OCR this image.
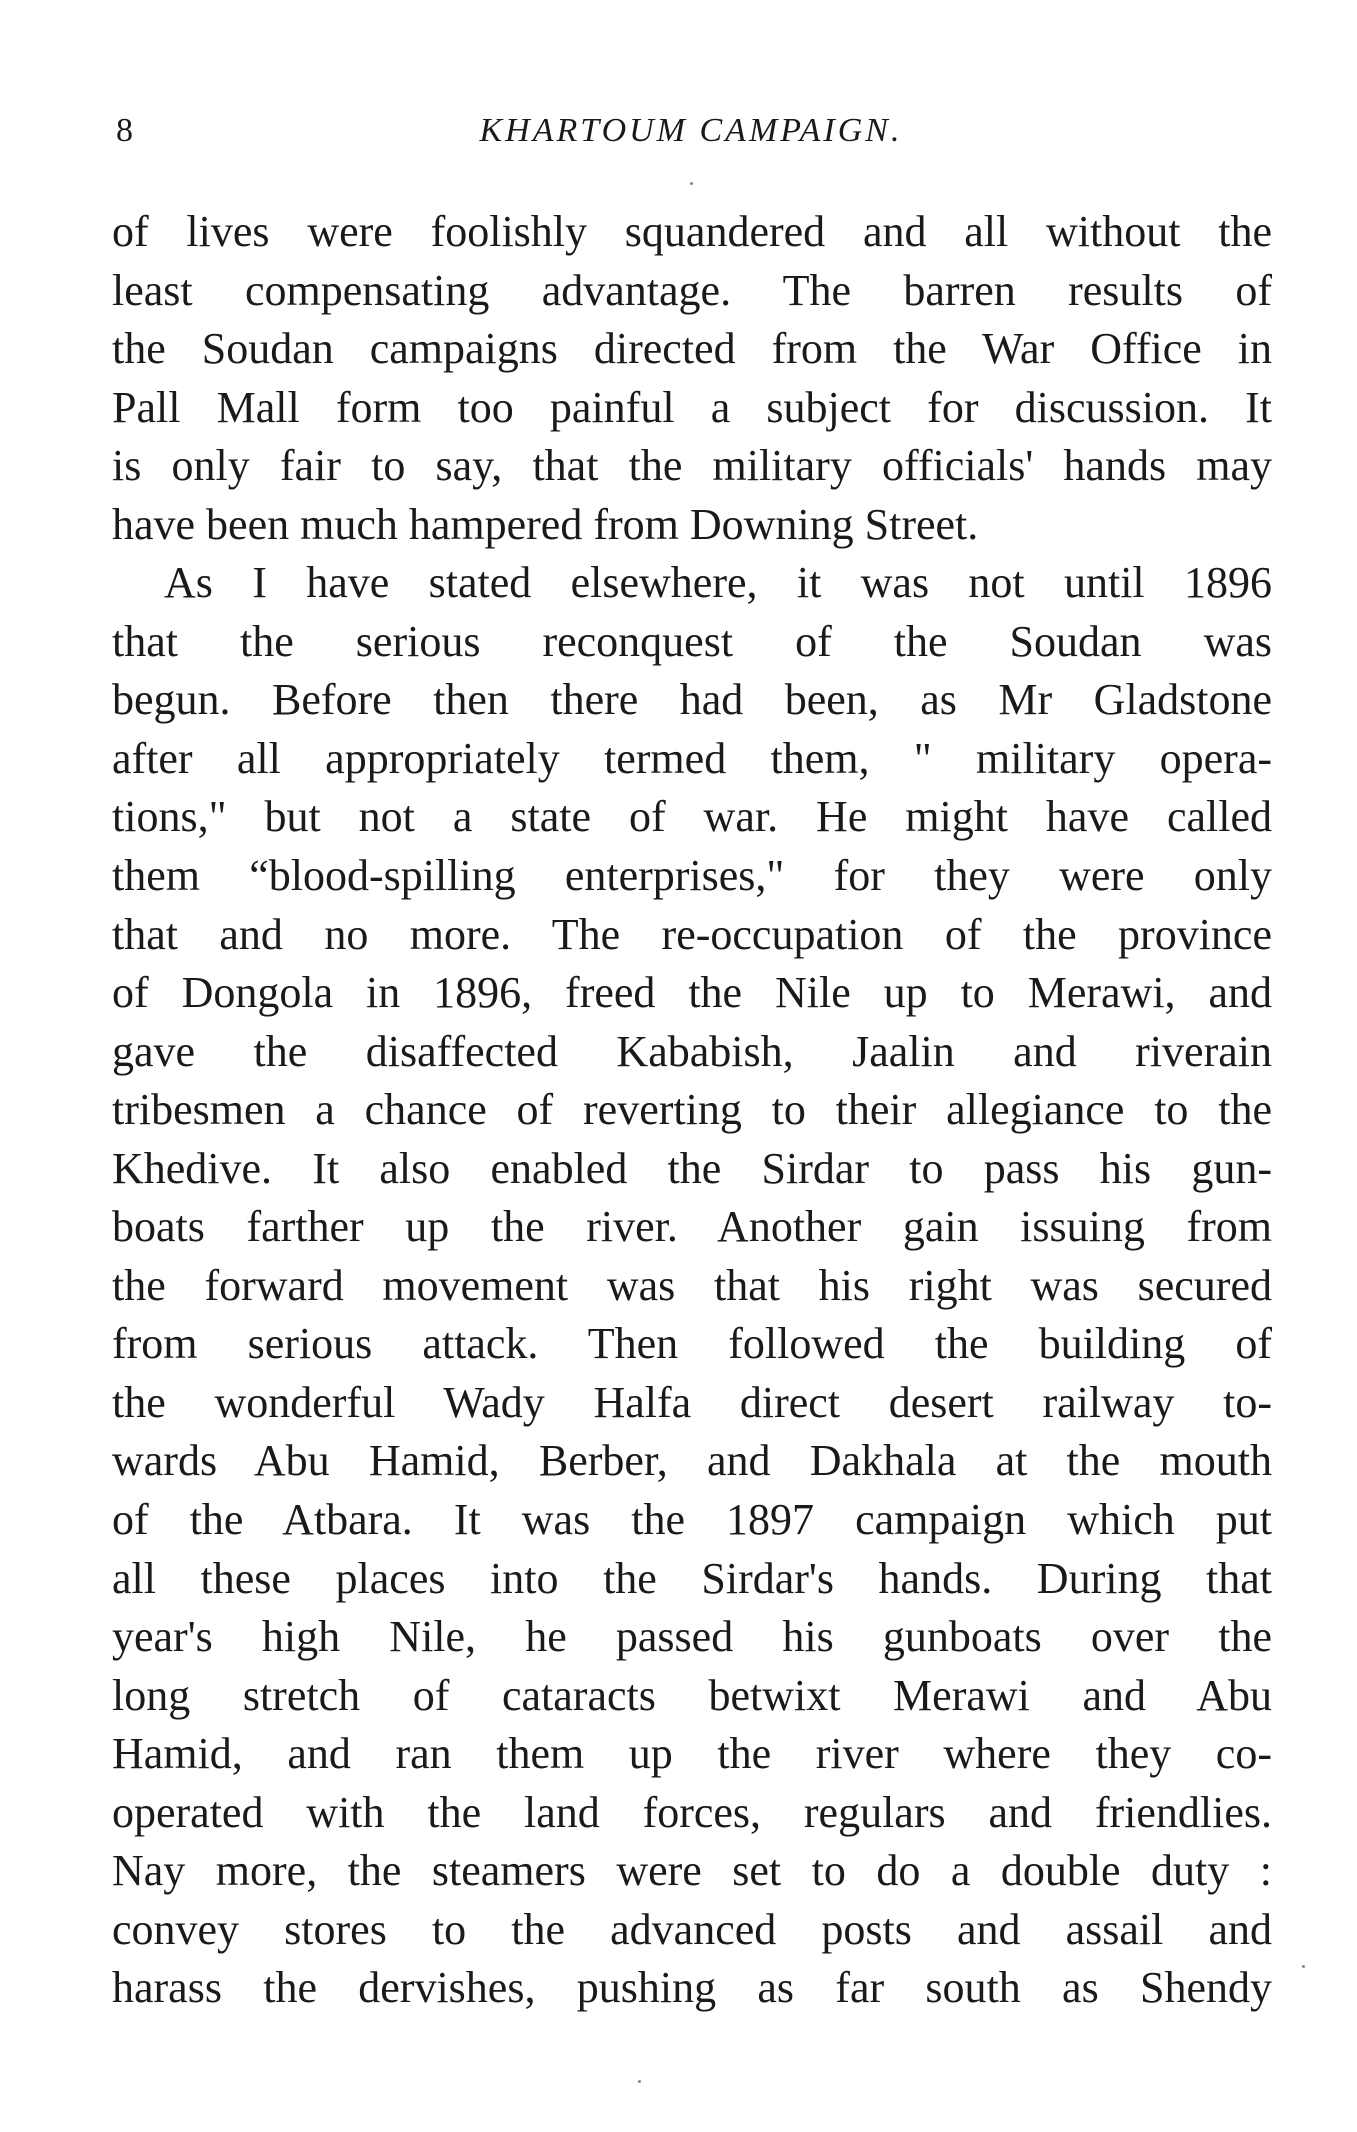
8	KHARTOUM CAMPAIGN.
of lives were foolishly squandered and all without the
least compensating advantage. The barren results of
the Soudan campaigns directed from the War Office in
Pall Mall form too painful a subject for discussion. It
is only fair to say, that the military officials' hands may
have been much hampered from Downing Street.
As I have stated elsewhere, it was not until 1896
that the serious reconquest of the Soudan was
begun. Before then there had been, as Mr Gladstone
after all appropriately termed them, " military opera-
tions," but not a state of war. He might have called
them “blood-spilling enterprises," for they were only
that and no more. The re-occupation of the province
of Dongola in 1896, freed the Nile up to Merawi, and
gave the disaffected Kababish, Jaalin and riverain
tribesmen a chance of reverting to their allegiance to the
Khedive. It also enabled the Sirdar to pass his gun-
boats farther up the river. Another gain issuing from
the forward movement was that his right was secured
from serious attack. Then followed the building of
the wonderful Wady Halfa direct desert railway to-
wards Abu Hamid, Berber, and Dakhala at the mouth
of the Atbara. It was the 1897 campaign which put
all these places into the Sirdar's hands. During that
year's high Nile, he passed his gunboats over the
long stretch of cataracts betwixt Merawi and Abu
Hamid, and ran them up the river where they co-
operated with the land forces, regulars and friendlies.
Nay more, the steamers were set to do a double duty :
convey stores to the advanced posts and assail and
harass the dervishes, pushing as far south as Shendy
